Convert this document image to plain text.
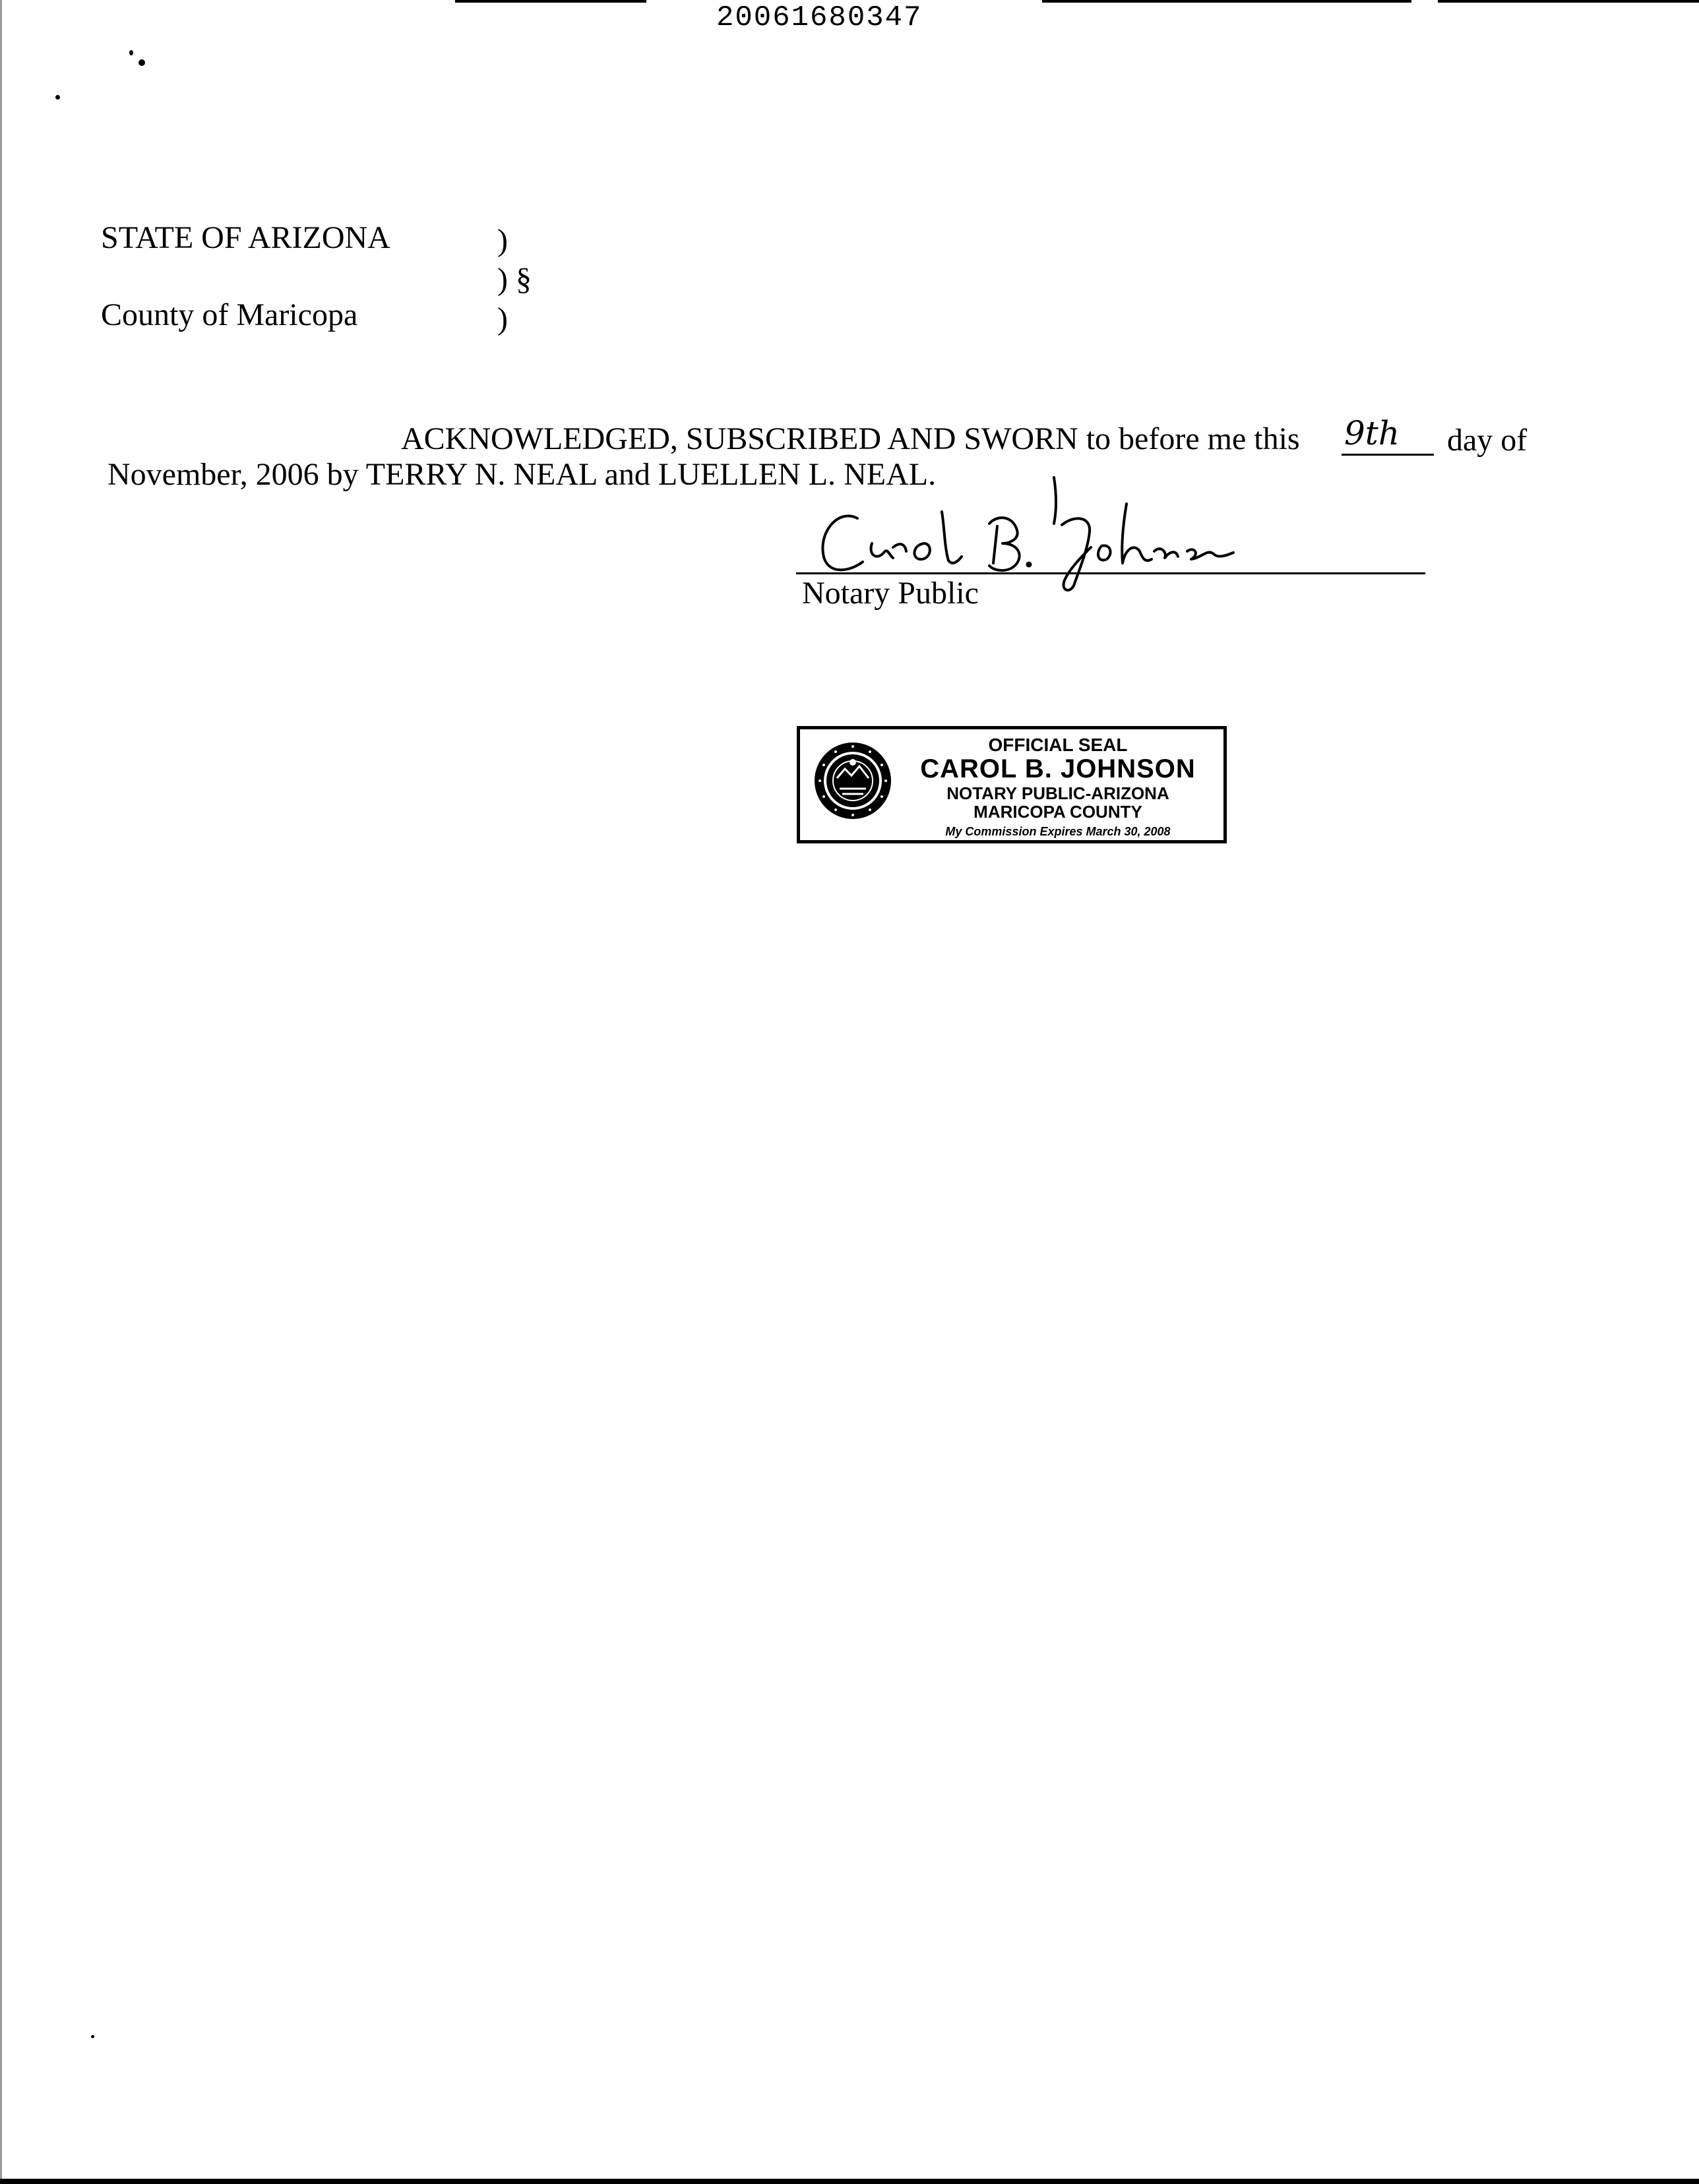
20061680347
STATE OF ARIZONA
County of Maricopa
)
) §
)
ACKNOWLEDGED, SUBSCRIBED AND SWORN to before me this 9th day of
November, 2006 by TERRY N. NEAL and LUELLEN L. NEAL.
Notary Public
OFFICIAL SEAL
CAROL B. JOHNSON
NOTARY PUBLIC-ARIZONA
MARICOPA COUNTY
My Commission Expires March 30, 2008
